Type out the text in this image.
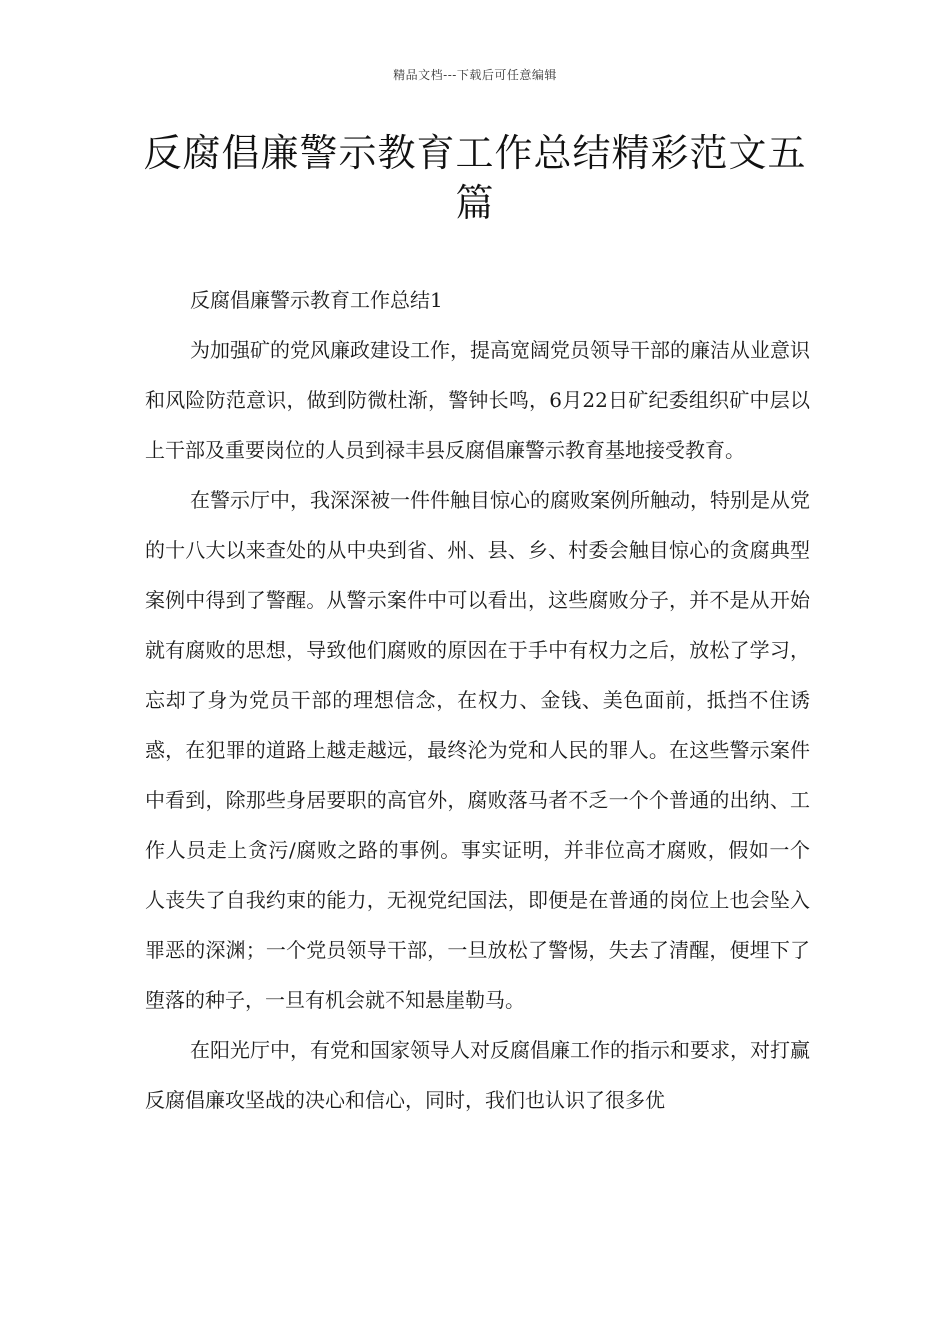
精品文档---下载后可任意编辑
反腐倡廉警示教育工作总结精彩范文五篇

反腐倡廉警示教育工作总结1

为加强矿的党风廉政建设工作，提高宽阔党员领导干部的廉洁从业意识和风险防范意识，做到防微杜渐，警钟长鸣，6月22日矿纪委组织矿中层以上干部及重要岗位的人员到禄丰县反腐倡廉警示教育基地接受教育。

在警示厅中，我深深被一件件触目惊心的腐败案例所触动，特别是从党的十八大以来查处的从中央到省、州、县、乡、村委会触目惊心的贪腐典型案例中得到了警醒。从警示案件中可以看出，这些腐败分子，并不是从开始就有腐败的思想，导致他们腐败的原因在于手中有权力之后，放松了学习，忘却了身为党员干部的理想信念，在权力、金钱、美色面前，抵挡不住诱惑，在犯罪的道路上越走越远，最终沦为党和人民的罪人。在这些警示案件中看到，除那些身居要职的高官外，腐败落马者不乏一个个普通的出纳、工作人员走上贪污/腐败之路的事例。事实证明，并非位高才腐败，假如一个人丧失了自我约束的能力，无视党纪国法，即便是在普通的岗位上也会坠入罪恶的深渊；一个党员领导干部，一旦放松了警惕，失去了清醒，便埋下了堕落的种子，一旦有机会就不知悬崖勒马。

在阳光厅中，有党和国家领导人对反腐倡廉工作的指示和要求，对打赢反腐倡廉攻坚战的决心和信心，同时，我们也认识了很多优
